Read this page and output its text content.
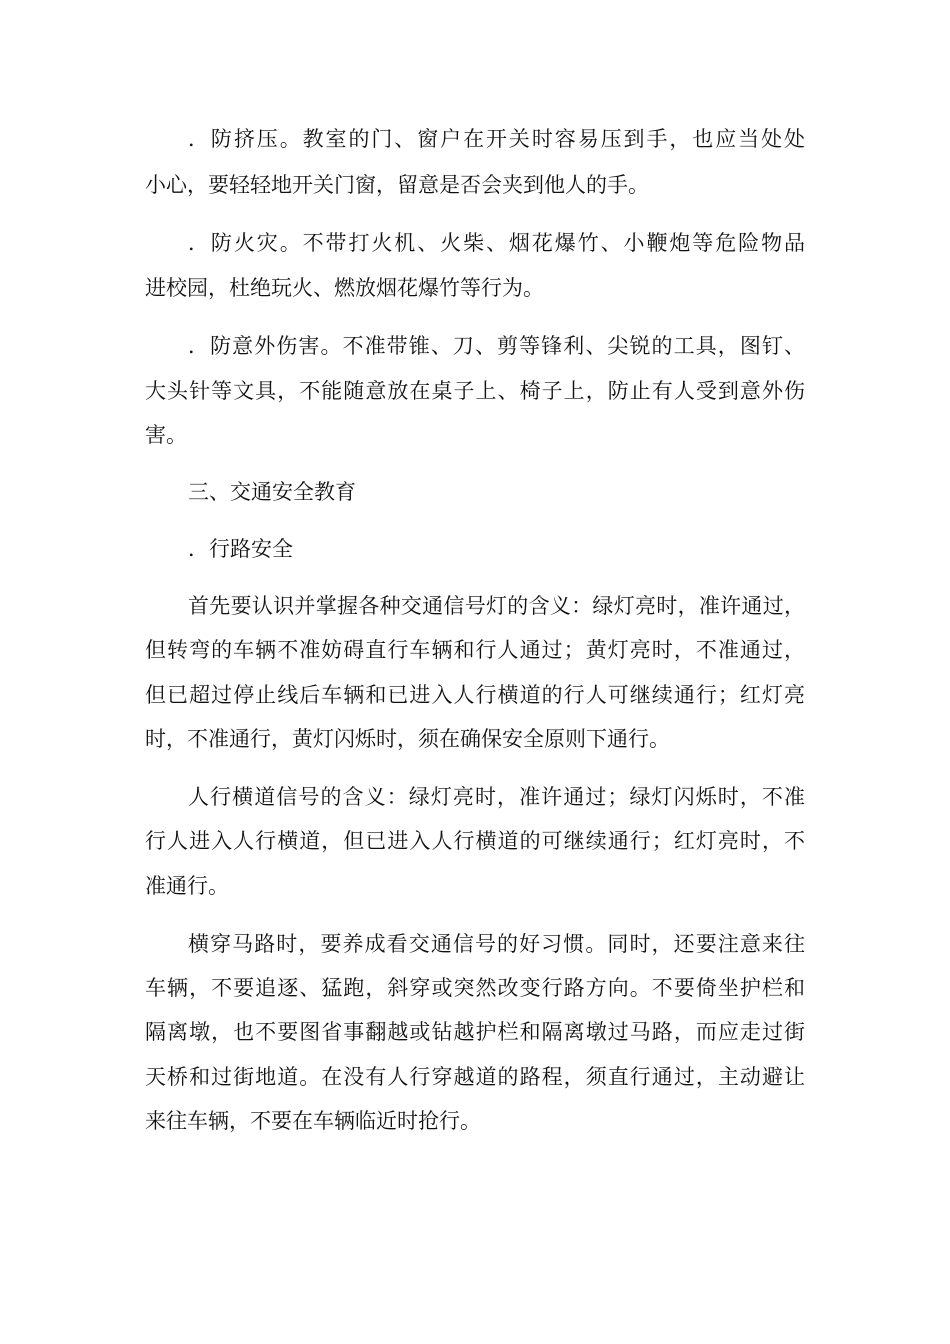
．防挤压。教室的门、窗户在开关时容易压到手，也应当处处
小心，要轻轻地开关门窗，留意是否会夹到他人的手。
．防火灾。不带打火机、火柴、烟花爆竹、小鞭炮等危险物品
进校园，杜绝玩火、燃放烟花爆竹等行为。
．防意外伤害。不准带锥、刀、剪等锋利、尖锐的工具，图钉、
大头针等文具，不能随意放在桌子上、椅子上，防止有人受到意外伤
害。
三、交通安全教育
．行路安全
首先要认识并掌握各种交通信号灯的含义：绿灯亮时，准许通过，
但转弯的车辆不准妨碍直行车辆和行人通过；黄灯亮时，不准通过，
但已超过停止线后车辆和已进入人行横道的行人可继续通行；红灯亮
时，不准通行，黄灯闪烁时，须在确保安全原则下通行。
人行横道信号的含义：绿灯亮时，准许通过；绿灯闪烁时，不准
行人进入人行横道，但已进入人行横道的可继续通行；红灯亮时，不
准通行。
横穿马路时，要养成看交通信号的好习惯。同时，还要注意来往
车辆，不要追逐、猛跑，斜穿或突然改变行路方向。不要倚坐护栏和
隔离墩，也不要图省事翻越或钻越护栏和隔离墩过马路，而应走过街
天桥和过街地道。在没有人行穿越道的路程，须直行通过，主动避让
来往车辆，不要在车辆临近时抢行。
